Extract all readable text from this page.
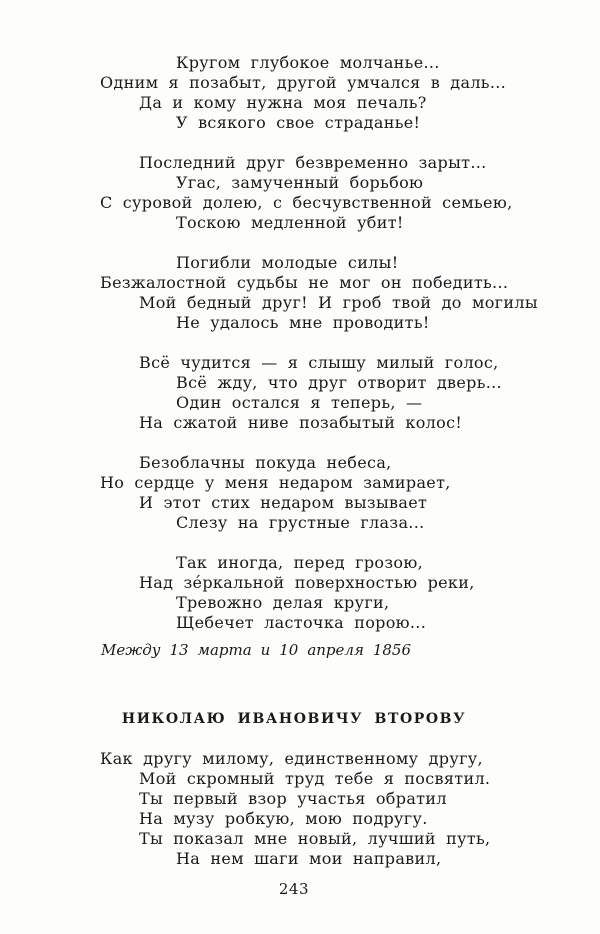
Кругом глубокое молчанье...
Одним я позабыт, другой умчался в даль...
Да и кому нужна моя печаль?
У всякого свое страданье!
Последний друг безвременно зарыт...
Угас, замученный борьбою
С суровой долею, с бесчувственной семьею,
Тоскою медленной убит!
Погибли молодые силы!
Безжалостной судьбы не мог он победить...
Мой бедный друг! И гроб твой до могилы
Не удалось мне проводить!
Всё чудится — я слышу милый голос,
Всё жду, что друг отворит дверь...
Один остался я теперь, —
На сжатой ниве позабытый колос!
Безоблачны покуда небеса,
Но сердце у меня недаром замирает,
И этот стих недаром вызывает
Слезу на грустные глаза...
Так иногда, перед грозою,
Над зе́ркальной поверхностью реки,
Тревожно делая круги,
Щебечет ласточка порою...
Между 13 марта и 10 апреля 1856
НИКОЛАЮ ИВАНОВИЧУ ВТОРОВУ
Как другу милому, единственному другу,
Мой скромный труд тебе я посвятил.
Ты первый взор участья обратил
На музу робкую, мою подругу.
Ты показал мне новый, лучший путь,
На нем шаги мои направил,
243
